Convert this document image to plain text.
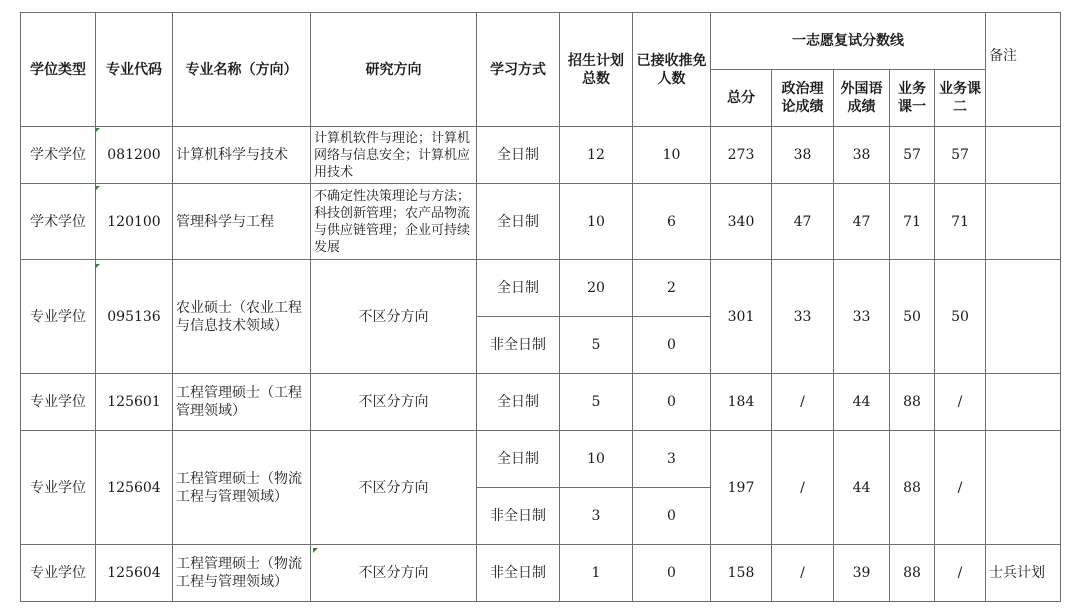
学位类型	专业代码	专业名称（方向）	研究方向	学习方式	招生计划总数	已接收推免人数	一志愿复试分数线					备注
							总分	政治理论成绩	外国语成绩	业务课一	业务课二	
学术学位	081200	计算机科学与技术	计算机软件与理论；计算机网络与信息安全；计算机应用技术	全日制	12	10	273	38	38	57	57	
学术学位	120100	管理科学与工程	不确定性决策理论与方法； 科技创新管理；农产品物流与供应链管理；企业可持续发展	全日制	10	6	340	47	47	71	71	
专业学位	095136	农业硕士（农业工程与信息技术领域）	不区分方向	全日制	20	2	301	33	33	50	50	
				非全日制	5	0						
专业学位	125601	工程管理硕士（工程管理领域）	不区分方向	全日制	5	0	184	/	44	88	/	
专业学位	125604	工程管理硕士（物流工程与管理领域）	不区分方向	全日制	10	3	197	/	44	88	/	
				非全日制	3	0						
专业学位	125604	工程管理硕士（物流工程与管理领域）	不区分方向	非全日制	1	0	158	/	39	88	/	士兵计划
